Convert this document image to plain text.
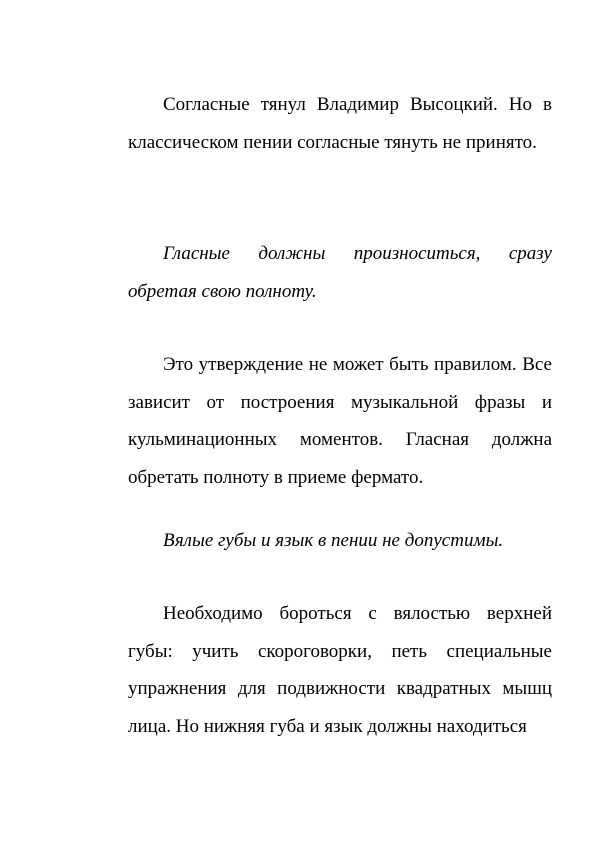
Согласные тянул Владимир Высоцкий. Но в классическом пении согласные тянуть не принято.

Гласные должны произноситься, сразу обретая свою полноту.

Это утверждение не может быть правилом. Все зависит от построения музыкальной фразы и кульминационных моментов. Гласная должна обретать полноту в приеме фермато.

Вялые губы и язык в пении не допустимы.

Необходимо бороться с вялостью верхней губы: учить скороговорки, петь специальные упражнения для подвижности квадратных мышц лица. Но нижняя губа и язык должны находиться
